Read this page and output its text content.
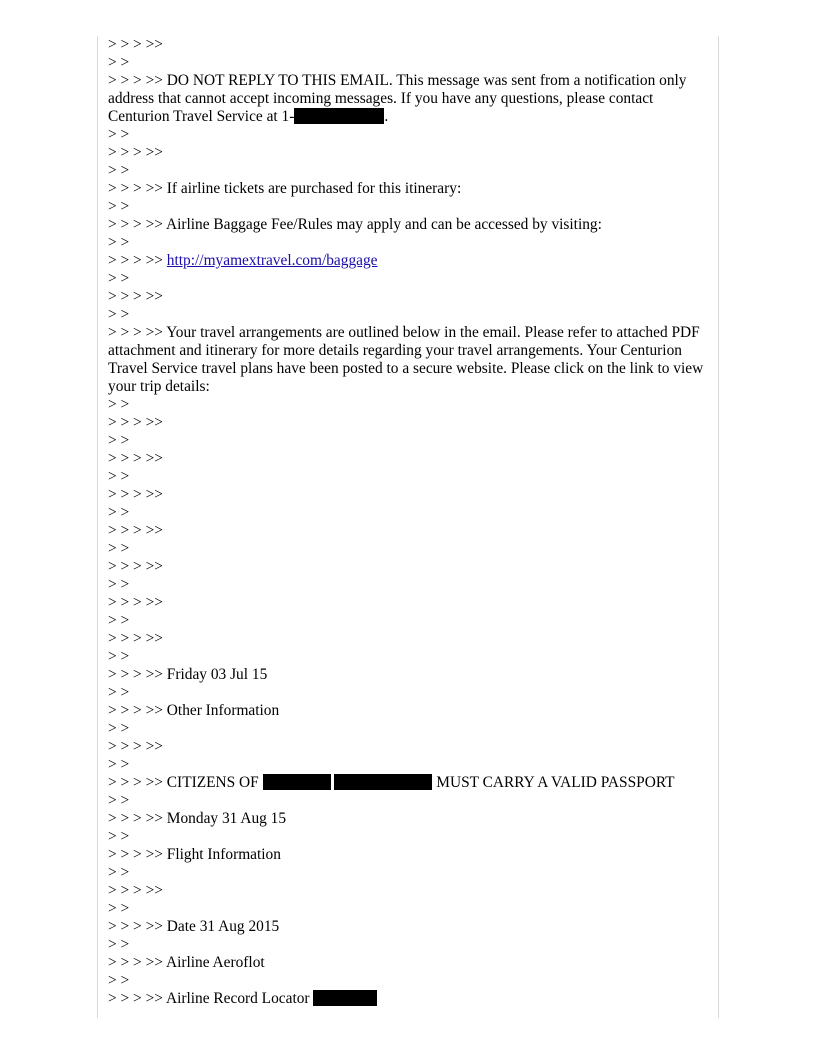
> > > >>
> >
> > > >> DO NOT REPLY TO THIS EMAIL. This message was sent from a notification only address that cannot accept incoming messages. If you have any questions, please contact Centurion Travel Service at 1-	.
> >
> > > >>
> >
> > > >> If airline tickets are purchased for this itinerary:
> >
> > > >> Airline Baggage Fee/Rules may apply and can be accessed by visiting:
> >
> > > >> http://myamextravel.com/baggage
> >
> > > >>
> >
> > > >> Your travel arrangements are outlined below in the email. Please refer to attached PDF attachment and itinerary for more details regarding your travel arrangements. Your Centurion Travel Service travel plans have been posted to a secure website. Please click on the link to view your trip details:
> >
> > > >>
> >
> > > >>
> >
> > > >>
> >
> > > >>
> >
> > > >>
> >
> > > >>
> >
> > > >>
> >
> > > >> Friday 03 Jul 15
> >
> > > >> Other Information
> >
> > > >>
> >
> > > >> CITIZENS OF	MUST CARRY A VALID PASSPORT
> >
> > > >> Monday 31 Aug 15
> >
> > > >> Flight Information
> >
> > > >>
> >
> > > >> Date 31 Aug 2015
> >
> > > >> Airline Aeroflot
> >
> > > >> Airline Record Locator
